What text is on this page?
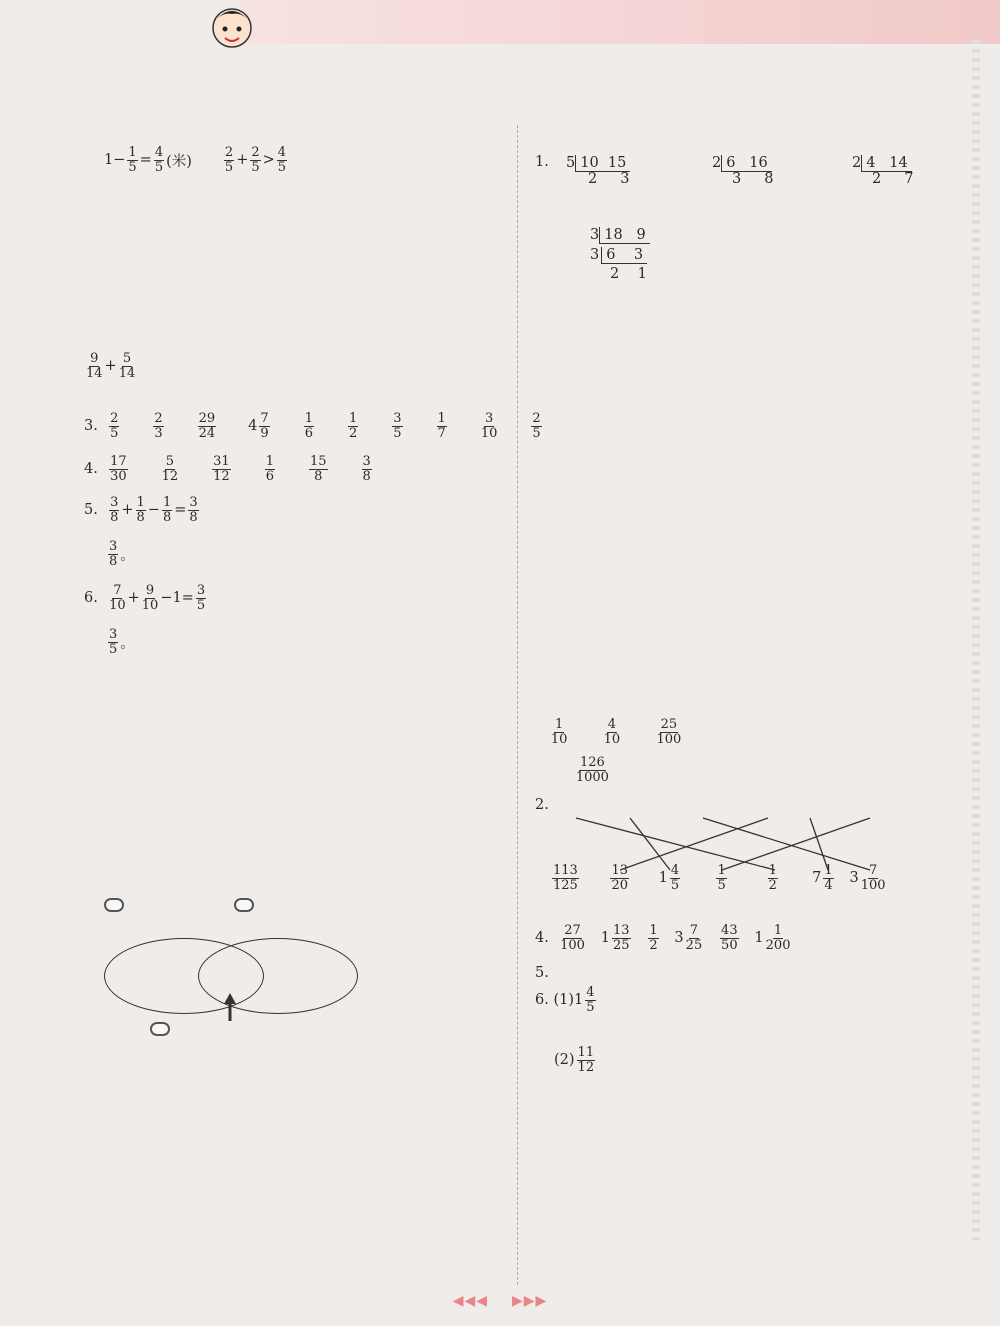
1− 1
5 = 4
5 (米)
2
5 + 2
5 > 4
5
9
14 + 5
14
3. 2
5
2
3
29
24 4 7
9
1
6
1
2
3
5
1
7
3
10
2
5
4. 17
30
5
12
31
12
1
6
15
8
3
8

5. 3
8 + 1
8 − 1
8 = 3
8
3
8 。
6. 7
10 + 9
10 −1= 3
5
3
5 。
1. 5 10  15
2     3
2 6   16
3     8
2 4   14
2     7
3 18   9
3 6    3
2    1

1
10

4
10

25
100

126
1000
2.
113
125

13
20 1 4
5

1
5

1
2 7 1
4 3 7
100
4. 27
100 1 13
25

1
2 3 7
25

43
50 1 1
200
5.
6. (1)1 4
5
(2) 11
12
◀◀◀ ▶▶▶
